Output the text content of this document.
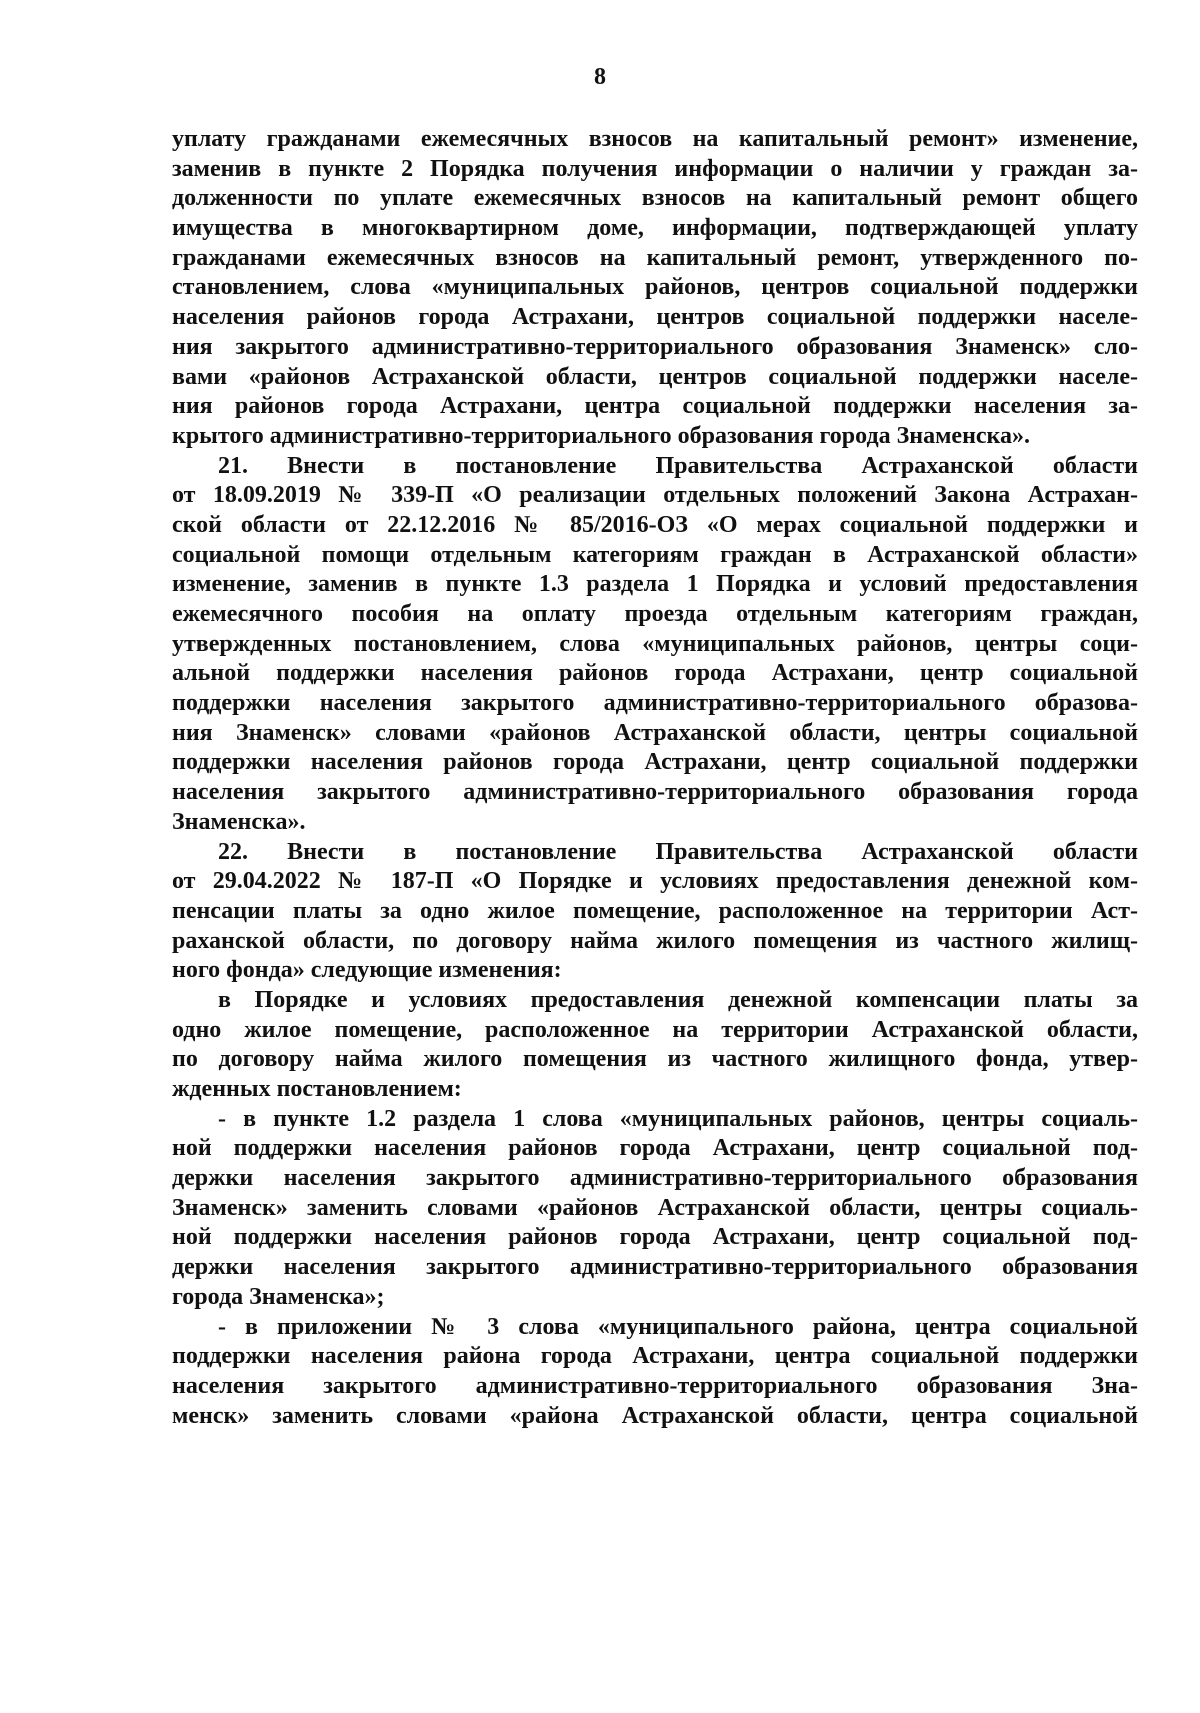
8
уплату гражданами ежемесячных взносов на капитальный ремонт» изменение,
заменив в пункте 2 Порядка получения информации о наличии у граждан за-
долженности по уплате ежемесячных взносов на капитальный ремонт общего
имущества в многоквартирном доме, информации, подтверждающей уплату
гражданами ежемесячных взносов на капитальный ремонт, утвержденного по-
становлением, слова «муниципальных районов, центров социальной поддержки
населения районов города Астрахани, центров социальной поддержки населе-
ния закрытого административно-территориального образования Знаменск» сло-
вами «районов Астраханской области, центров социальной поддержки населе-
ния районов города Астрахани, центра социальной поддержки населения за-
крытого административно-территориального образования города Знаменска».
21. Внести в постановление Правительства Астраханской области
от 18.09.2019 № 339-П «О реализации отдельных положений Закона Астрахан-
ской области от 22.12.2016 № 85/2016-ОЗ «О мерах социальной поддержки и
социальной помощи отдельным категориям граждан в Астраханской области»
изменение, заменив в пункте 1.3 раздела 1 Порядка и условий предоставления
ежемесячного пособия на оплату проезда отдельным категориям граждан,
утвержденных постановлением, слова «муниципальных районов, центры соци-
альной поддержки населения районов города Астрахани, центр социальной
поддержки населения закрытого административно-территориального образова-
ния Знаменск» словами «районов Астраханской области, центры социальной
поддержки населения районов города Астрахани, центр социальной поддержки
населения закрытого административно-территориального образования города
Знаменска».
22. Внести в постановление Правительства Астраханской области
от 29.04.2022 № 187-П «О Порядке и условиях предоставления денежной ком-
пенсации платы за одно жилое помещение, расположенное на территории Аст-
раханской области, по договору найма жилого помещения из частного жилищ-
ного фонда» следующие изменения:
в Порядке и условиях предоставления денежной компенсации платы за
одно жилое помещение, расположенное на территории Астраханской области,
по договору найма жилого помещения из частного жилищного фонда, утвер-
жденных постановлением:
- в пункте 1.2 раздела 1 слова «муниципальных районов, центры социаль-
ной поддержки населения районов города Астрахани, центр социальной под-
держки населения закрытого административно-территориального образования
Знаменск» заменить словами «районов Астраханской области, центры социаль-
ной поддержки населения районов города Астрахани, центр социальной под-
держки населения закрытого административно-территориального образования
города Знаменска»;
- в приложении № 3 слова «муниципального района, центра социальной
поддержки населения района города Астрахани, центра социальной поддержки
населения закрытого административно-территориального образования Зна-
менск» заменить словами «района Астраханской области, центра социальной
